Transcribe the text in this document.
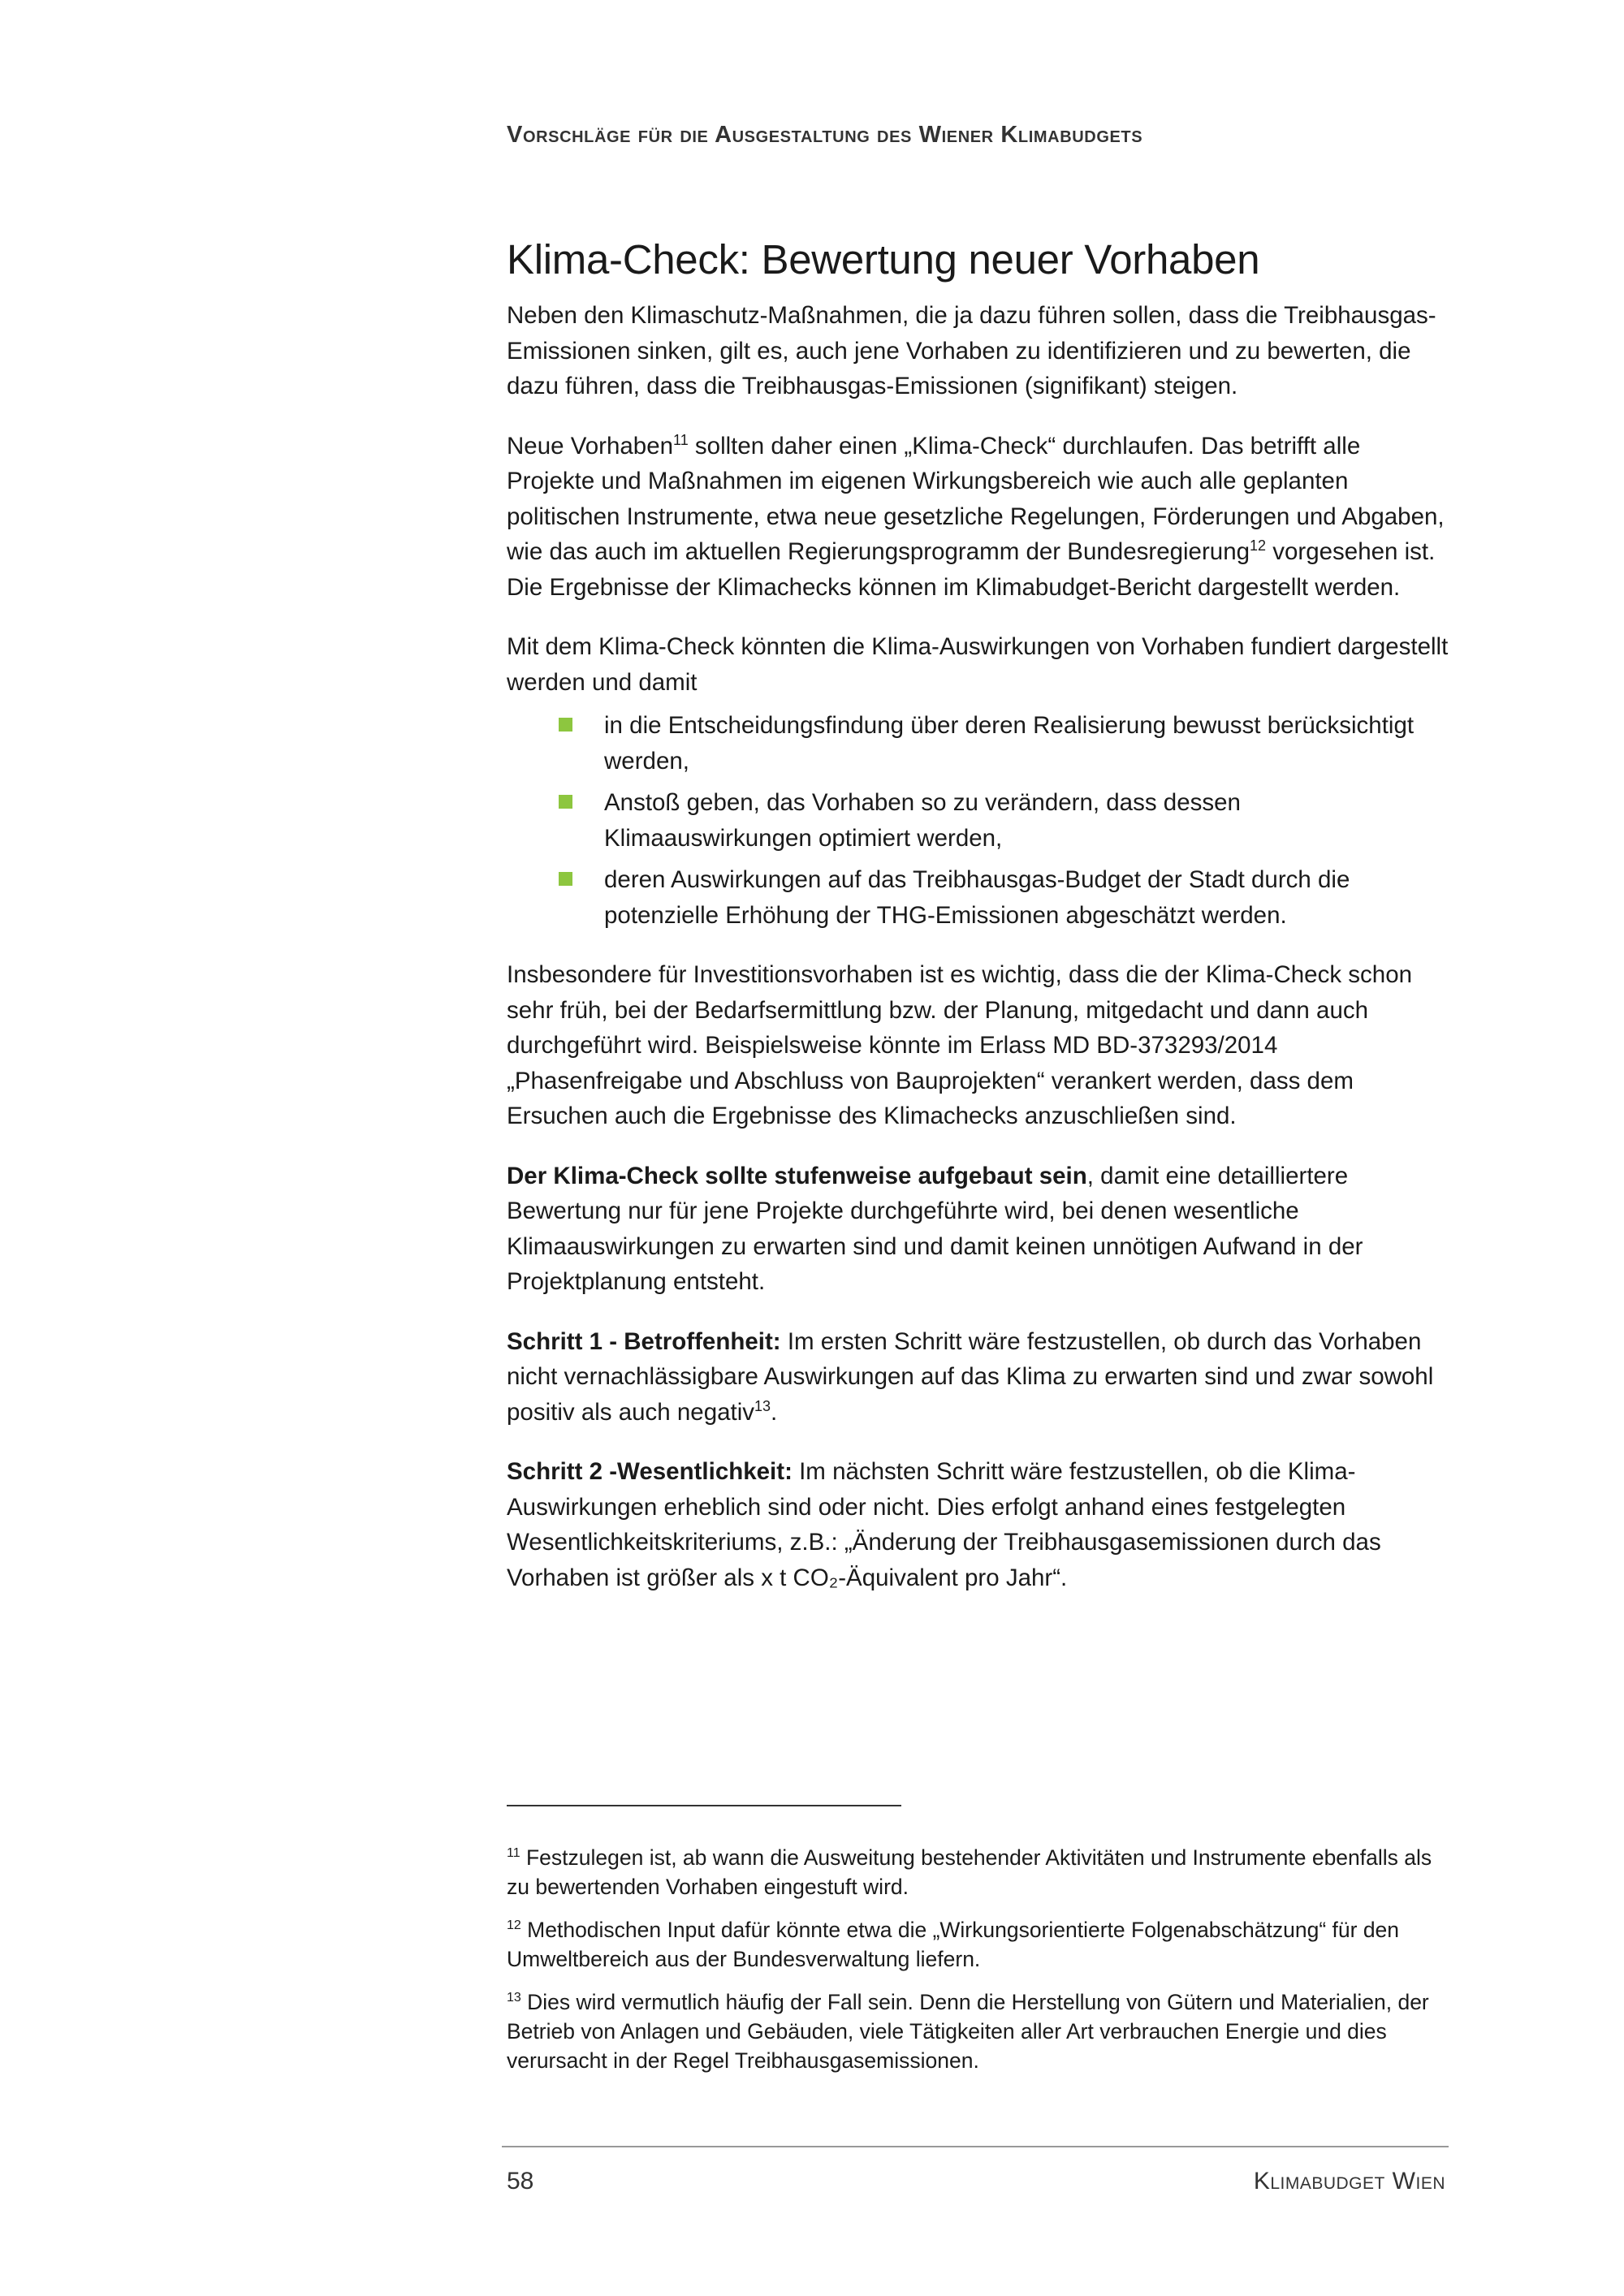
Vorschläge für die Ausgestaltung des Wiener Klimabudgets
Klima-Check: Bewertung neuer Vorhaben

Neben den Klimaschutz-Maßnahmen, die ja dazu führen sollen, dass die Treibhausgas-Emissionen sinken, gilt es, auch jene Vorhaben zu identifizieren und zu bewerten, die dazu führen, dass die Treibhausgas-Emissionen (signifikant) steigen.

Neue Vorhaben$^{11}$ sollten daher einen „Klima-Check“ durchlaufen. Das betrifft alle Projekte und Maßnahmen im eigenen Wirkungsbereich wie auch alle geplanten politischen Instrumente, etwa neue gesetzliche Regelungen, Förderungen und Abgaben, wie das auch im aktuellen Regierungsprogramm der Bundesregierung$^{12}$ vorgesehen ist. Die Ergebnisse der Klimachecks können im Klimabudget-Bericht dargestellt werden.

Mit dem Klima-Check könnten die Klima-Auswirkungen von Vorhaben fundiert dargestellt werden und damit

in die Entscheidungsfindung über deren Realisierung bewusst berücksichtigt werden,
Anstoß geben, das Vorhaben so zu verändern, dass dessen Klimaauswirkungen optimiert werden,
deren Auswirkungen auf das Treibhausgas-Budget der Stadt durch die potenzielle Erhöhung der THG-Emissionen abgeschätzt werden.

Insbesondere für Investitionsvorhaben ist es wichtig, dass die der Klima-Check schon sehr früh, bei der Bedarfsermittlung bzw. der Planung, mitgedacht und dann auch durchgeführt wird. Beispielsweise könnte im Erlass MD BD-373293/2014 „Phasenfreigabe und Abschluss von Bauprojekten“ verankert werden, dass dem Ersuchen auch die Ergebnisse des Klimachecks anzuschließen sind.

Der Klima-Check sollte stufenweise aufgebaut sein, damit eine detailliertere Bewertung nur für jene Projekte durchgeführte wird, bei denen wesentliche Klimaauswirkungen zu erwarten sind und damit keinen unnötigen Aufwand in der Projektplanung entsteht.

Schritt 1 - Betroffenheit: Im ersten Schritt wäre festzustellen, ob durch das Vorhaben nicht vernachlässigbare Auswirkungen auf das Klima zu erwarten sind und zwar sowohl positiv als auch negativ$^{13}$.

Schritt 2 -Wesentlichkeit: Im nächsten Schritt wäre festzustellen, ob die Klima-Auswirkungen erheblich sind oder nicht. Dies erfolgt anhand eines festgelegten Wesentlichkeitskriteriums, z.B.: „Änderung der Treibhausgasemissionen durch das Vorhaben ist größer als x t CO₂-Äquivalent pro Jahr“.

$^{11}$ Festzulegen ist, ab wann die Ausweitung bestehender Aktivitäten und Instrumente ebenfalls als zu bewertenden Vorhaben eingestuft wird.

$^{12}$ Methodischen Input dafür könnte etwa die „Wirkungsorientierte Folgenabschätzung“ für den Umweltbereich aus der Bundesverwaltung liefern.

$^{13}$ Dies wird vermutlich häufig der Fall sein. Denn die Herstellung von Gütern und Materialien, der Betrieb von Anlagen und Gebäuden, viele Tätigkeiten aller Art verbrauchen Energie und dies verursacht in der Regel Treibhausgasemissionen.

58	Klimabudget Wien
